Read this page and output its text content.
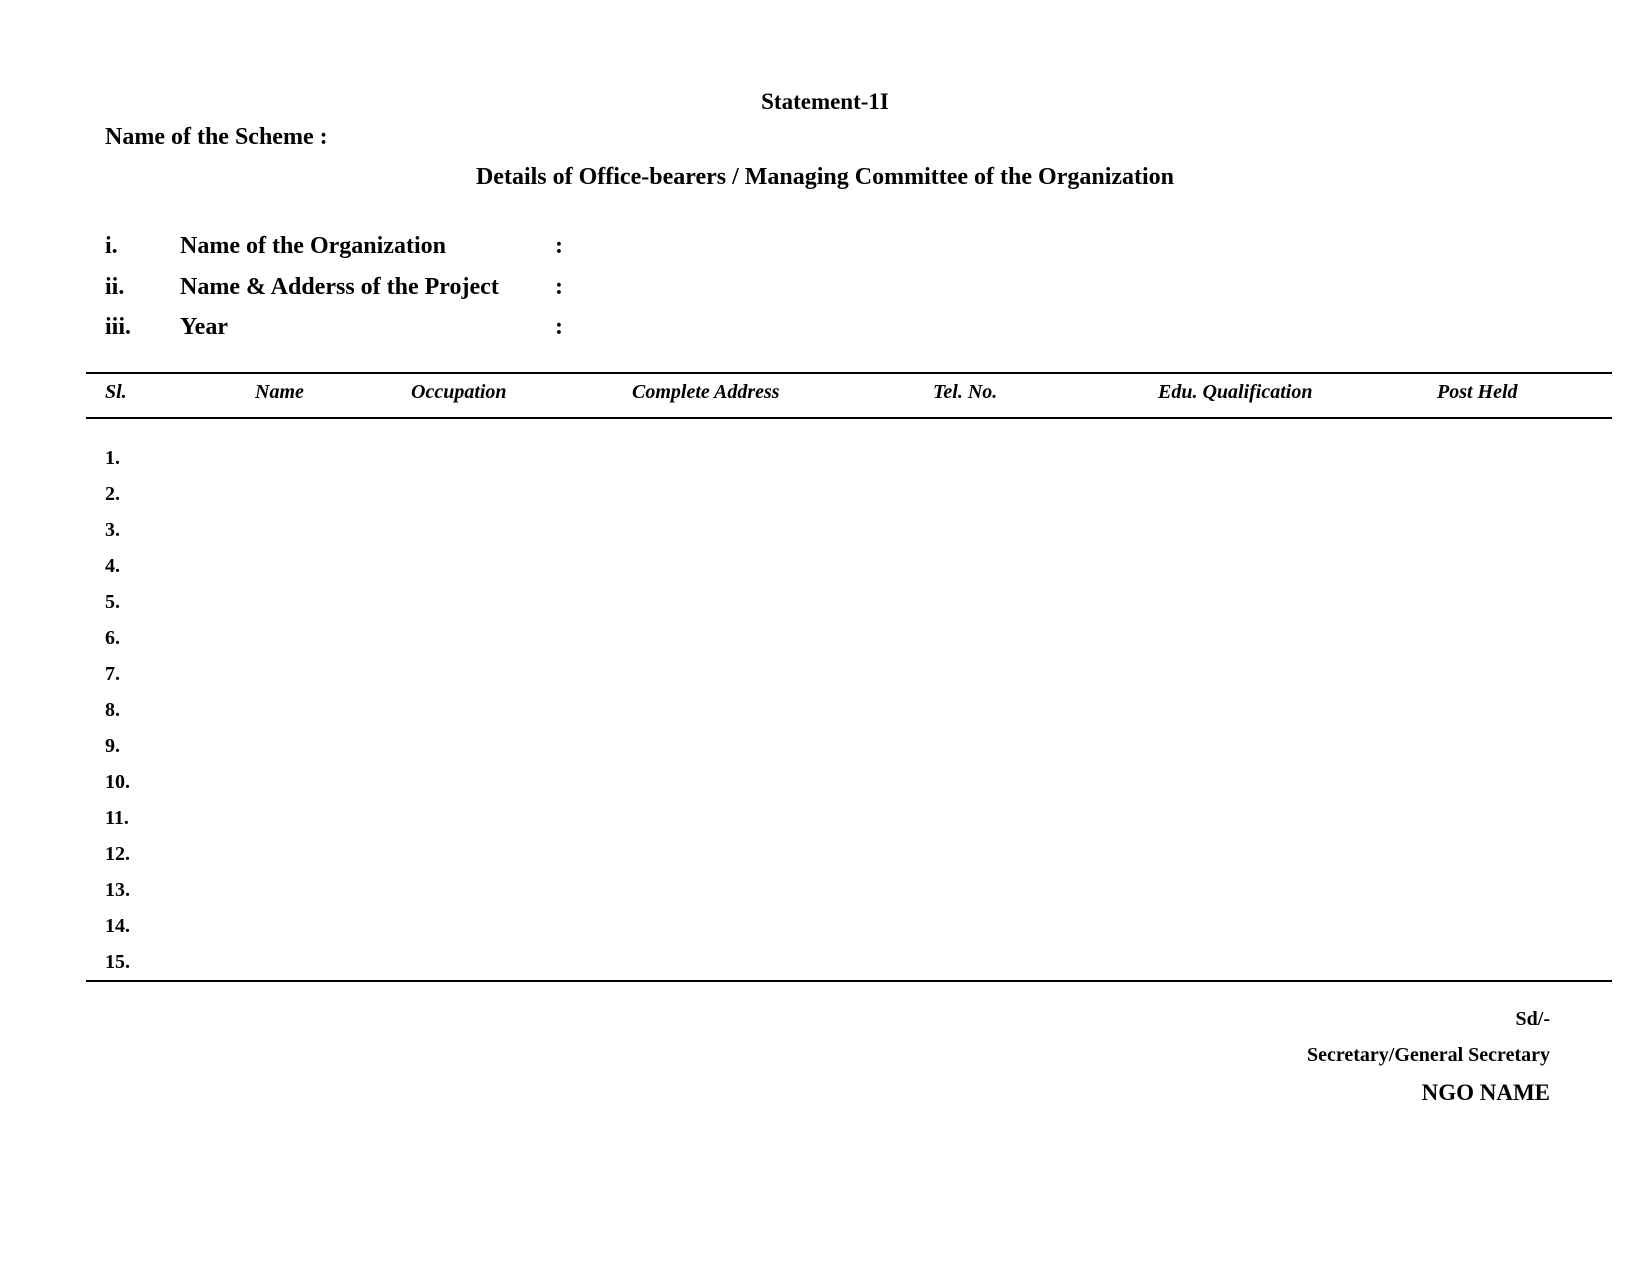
Statement-1I
Name of the Scheme :
Details of Office-bearers / Managing Committee of the Organization
i.	Name of the Organization	:
ii. Name & Adderss of the Project :
iii. Year	:
Sl.	Name	Occupation	Complete Address	Tel. No.	Edu. Qualification	Post Held
1.
2.
3.
4.
5.
6.
7.
8.
9.
10.
11.
12.
13.
14.
15.
Sd/-
Secretary/General Secretary
NGO NAME
